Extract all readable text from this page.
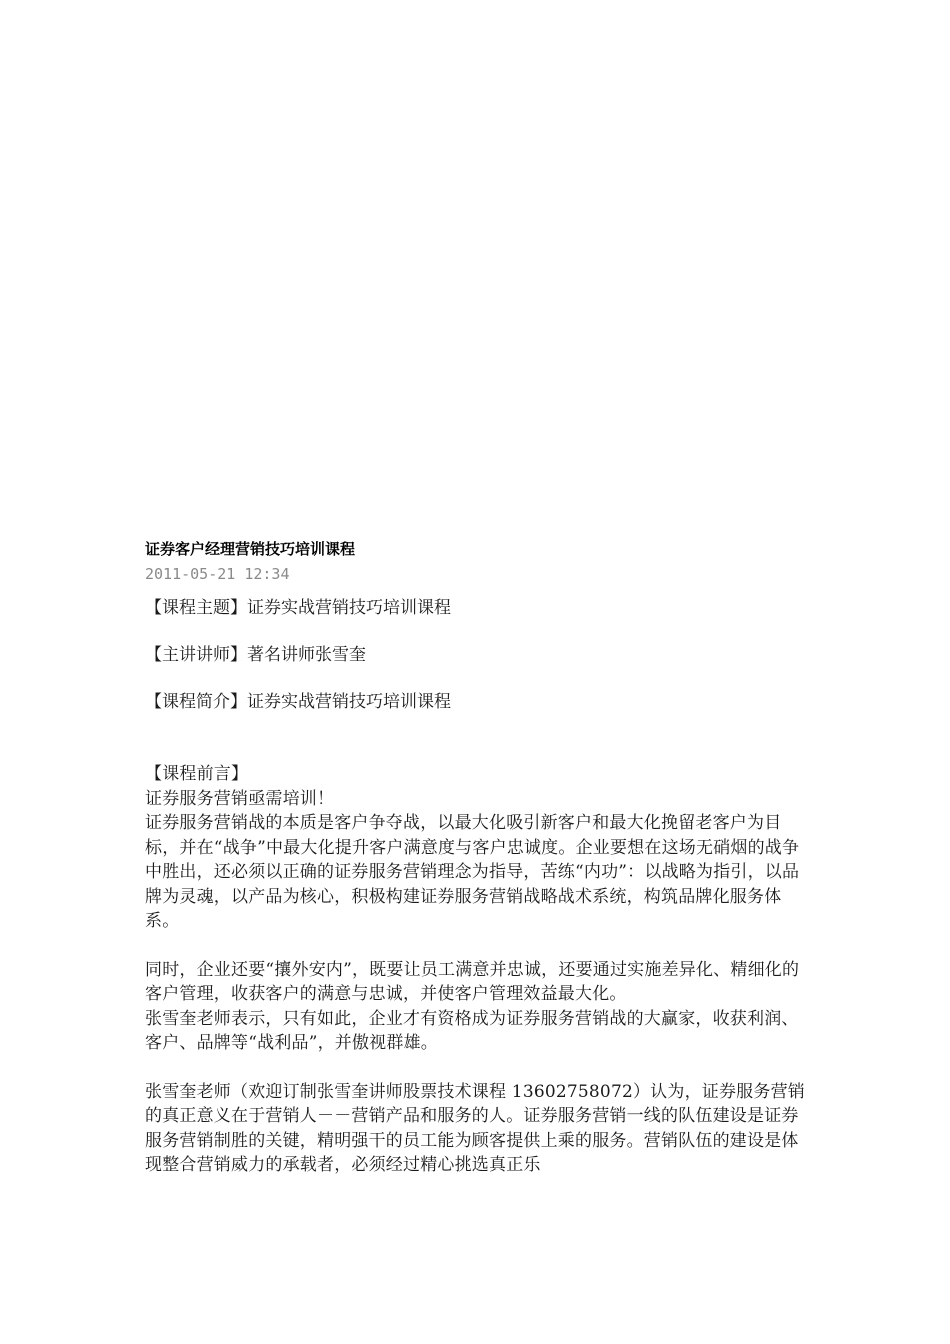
证券客户经理营销技巧培训课程
2011-05-21 12:34

【课程主题】证券实战营销技巧培训课程

【主讲讲师】著名讲师张雪奎

【课程简介】证券实战营销技巧培训课程

【课程前言】

证券服务营销亟需培训！

证券服务营销战的本质是客户争夺战，以最大化吸引新客户和最大化挽留老客户为目标，并在“战争”中最大化提升客户满意度与客户忠诚度。企业要想在这场无硝烟的战争中胜出，还必须以正确的证券服务营销理念为指导，苦练“内功”：以战略为指引，以品牌为灵魂，以产品为核心，积极构建证券服务营销战略战术系统，构筑品牌化服务体系。

同时，企业还要“攘外安内”，既要让员工满意并忠诚，还要通过实施差异化、精细化的客户管理，收获客户的满意与忠诚，并使客户管理效益最大化。

张雪奎老师表示，只有如此，企业才有资格成为证券服务营销战的大赢家，收获利润、客户、品牌等“战利品”，并傲视群雄。

张雪奎老师（欢迎订制张雪奎讲师股票技术课程 13602758072）认为，证券服务营销的真正意义在于营销人－－营销产品和服务的人。证券服务营销一线的队伍建设是证券服务营销制胜的关键，精明强干的员工能为顾客提供上乘的服务。营销队伍的建设是体现整合营销威力的承载者，必须经过精心挑选真正乐
